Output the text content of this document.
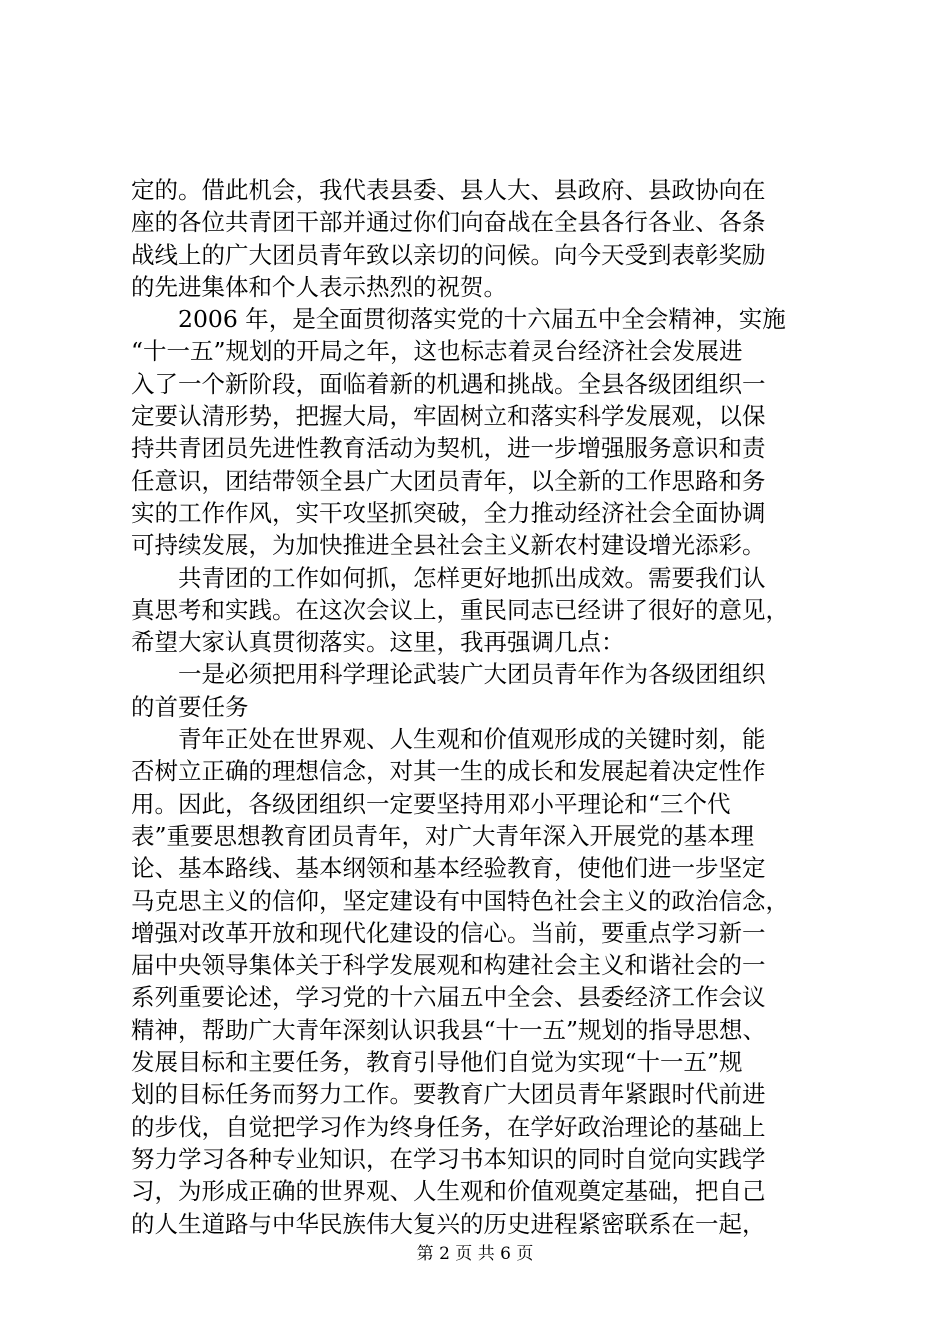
定的。借此机会，我代表县委、县人大、县政府、县政协向在
座的各位共青团干部并通过你们向奋战在全县各行各业、各条
战线上的广大团员青年致以亲切的问候。向今天受到表彰奖励
的先进集体和个人表示热烈的祝贺。
2006 年，是全面贯彻落实党的十六届五中全会精神，实施
“十一五”规划的开局之年，这也标志着灵台经济社会发展进
入了一个新阶段，面临着新的机遇和挑战。全县各级团组织一
定要认清形势，把握大局，牢固树立和落实科学发展观，以保
持共青团员先进性教育活动为契机，进一步增强服务意识和责
任意识，团结带领全县广大团员青年，以全新的工作思路和务
实的工作作风，实干攻坚抓突破，全力推动经济社会全面协调
可持续发展，为加快推进全县社会主义新农村建设增光添彩。
共青团的工作如何抓，怎样更好地抓出成效。需要我们认
真思考和实践。在这次会议上，重民同志已经讲了很好的意见，
希望大家认真贯彻落实。这里，我再强调几点：
一是必须把用科学理论武装广大团员青年作为各级团组织
的首要任务
青年正处在世界观、人生观和价值观形成的关键时刻，能
否树立正确的理想信念，对其一生的成长和发展起着决定性作
用。因此，各级团组织一定要坚持用邓小平理论和“三个代
表”重要思想教育团员青年，对广大青年深入开展党的基本理
论、基本路线、基本纲领和基本经验教育，使他们进一步坚定
马克思主义的信仰，坚定建设有中国特色社会主义的政治信念，
增强对改革开放和现代化建设的信心。当前，要重点学习新一
届中央领导集体关于科学发展观和构建社会主义和谐社会的一
系列重要论述，学习党的十六届五中全会、县委经济工作会议
精神，帮助广大青年深刻认识我县“十一五”规划的指导思想、
发展目标和主要任务，教育引导他们自觉为实现“十一五”规
划的目标任务而努力工作。要教育广大团员青年紧跟时代前进
的步伐，自觉把学习作为终身任务，在学好政治理论的基础上
努力学习各种专业知识，在学习书本知识的同时自觉向实践学
习，为形成正确的世界观、人生观和价值观奠定基础，把自己
的人生道路与中华民族伟大复兴的历史进程紧密联系在一起，
第 2 页 共 6 页
